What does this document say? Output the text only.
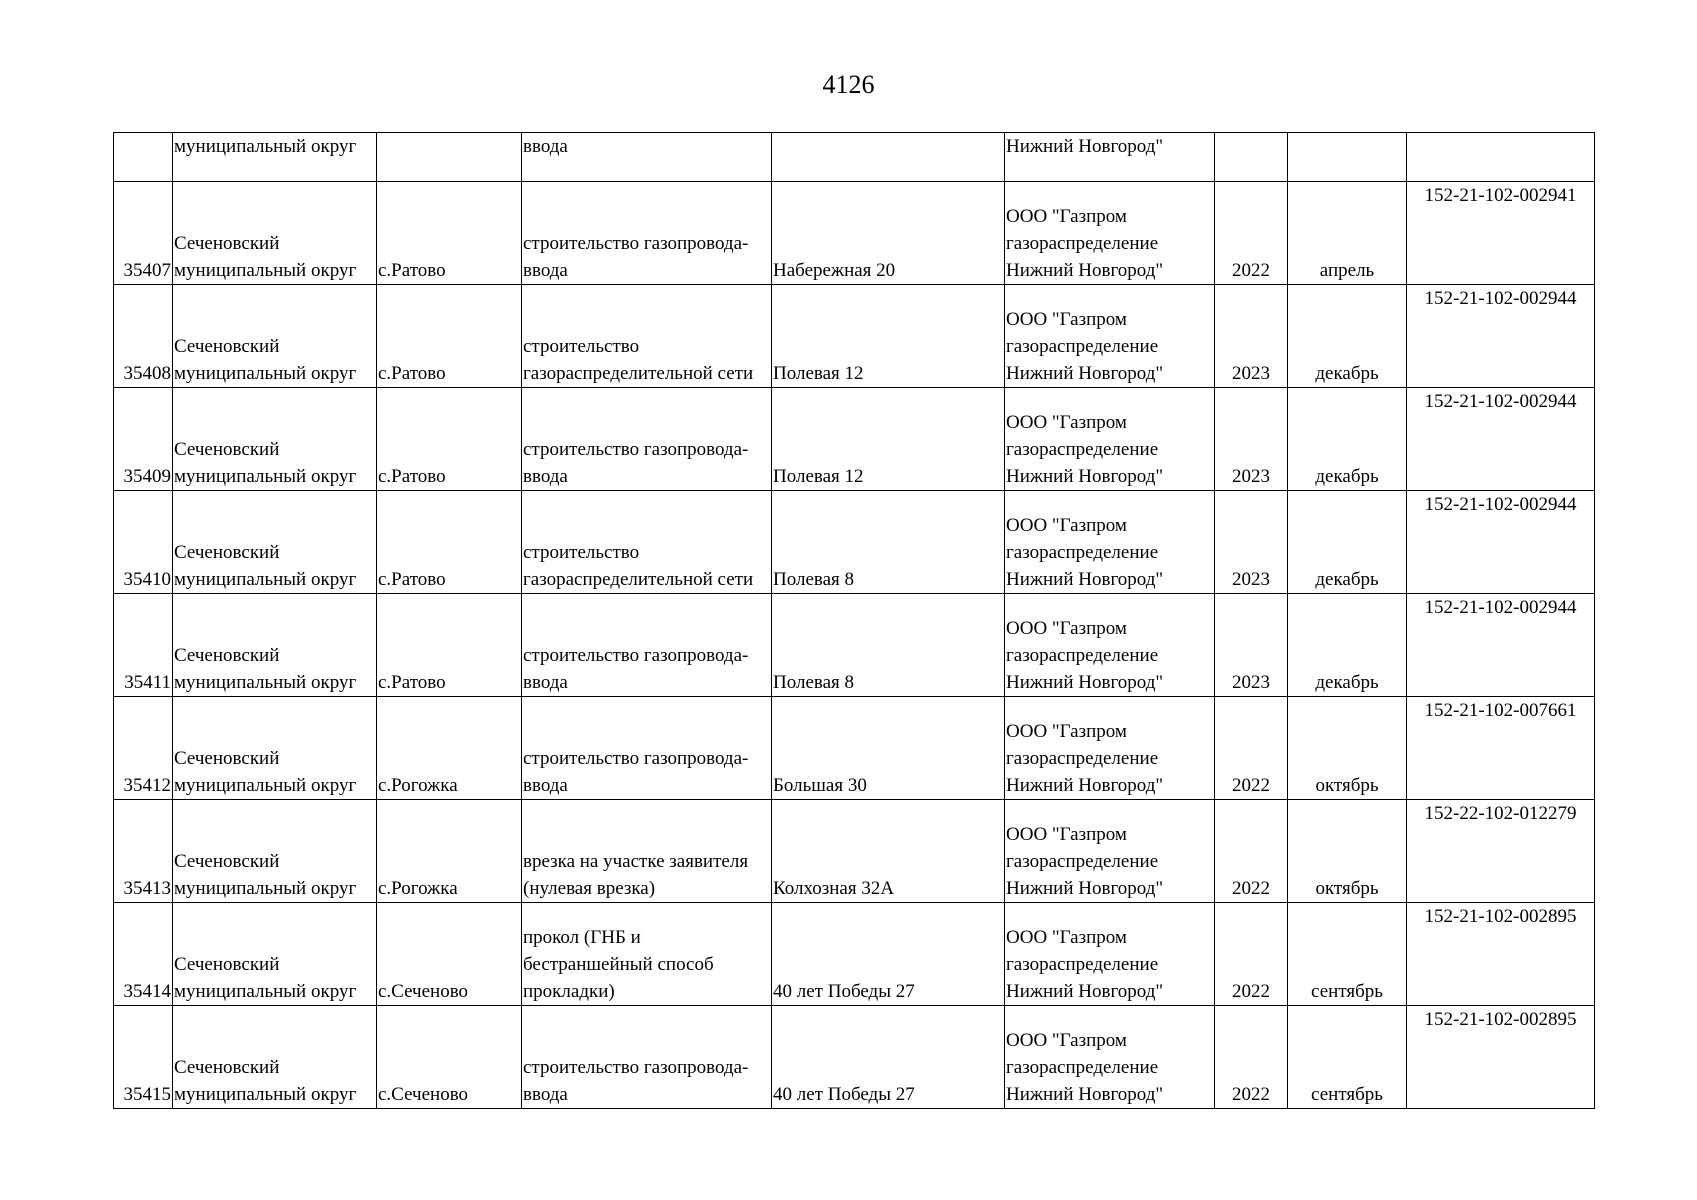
4126
	муниципальный округ		ввода		Нижний Новгород"			
35407	Сеченовский
муниципальный округ	с.Ратово	строительство газопровода-
ввода	Набережная 20	ООО "Газпром
газораспределение
Нижний Новгород"	2022	апрель	152-21-102-002941
35408	Сеченовский
муниципальный округ	с.Ратово	строительство
газораспределительной сети	Полевая 12	ООО "Газпром
газораспределение
Нижний Новгород"	2023	декабрь	152-21-102-002944
35409	Сеченовский
муниципальный округ	с.Ратово	строительство газопровода-
ввода	Полевая 12	ООО "Газпром
газораспределение
Нижний Новгород"	2023	декабрь	152-21-102-002944
35410	Сеченовский
муниципальный округ	с.Ратово	строительство
газораспределительной сети	Полевая 8	ООО "Газпром
газораспределение
Нижний Новгород"	2023	декабрь	152-21-102-002944
35411	Сеченовский
муниципальный округ	с.Ратово	строительство газопровода-
ввода	Полевая 8	ООО "Газпром
газораспределение
Нижний Новгород"	2023	декабрь	152-21-102-002944
35412	Сеченовский
муниципальный округ	с.Рогожка	строительство газопровода-
ввода	Большая 30	ООО "Газпром
газораспределение
Нижний Новгород"	2022	октябрь	152-21-102-007661
35413	Сеченовский
муниципальный округ	с.Рогожка	врезка на участке заявителя
(нулевая врезка)	Колхозная 32А	ООО "Газпром
газораспределение
Нижний Новгород"	2022	октябрь	152-22-102-012279
35414	Сеченовский
муниципальный округ	с.Сеченово	прокол (ГНБ и
бестраншейный способ
прокладки)	40 лет Победы 27	ООО "Газпром
газораспределение
Нижний Новгород"	2022	сентябрь	152-21-102-002895
35415	Сеченовский
муниципальный округ	с.Сеченово	строительство газопровода-
ввода	40 лет Победы 27	ООО "Газпром
газораспределение
Нижний Новгород"	2022	сентябрь	152-21-102-002895
